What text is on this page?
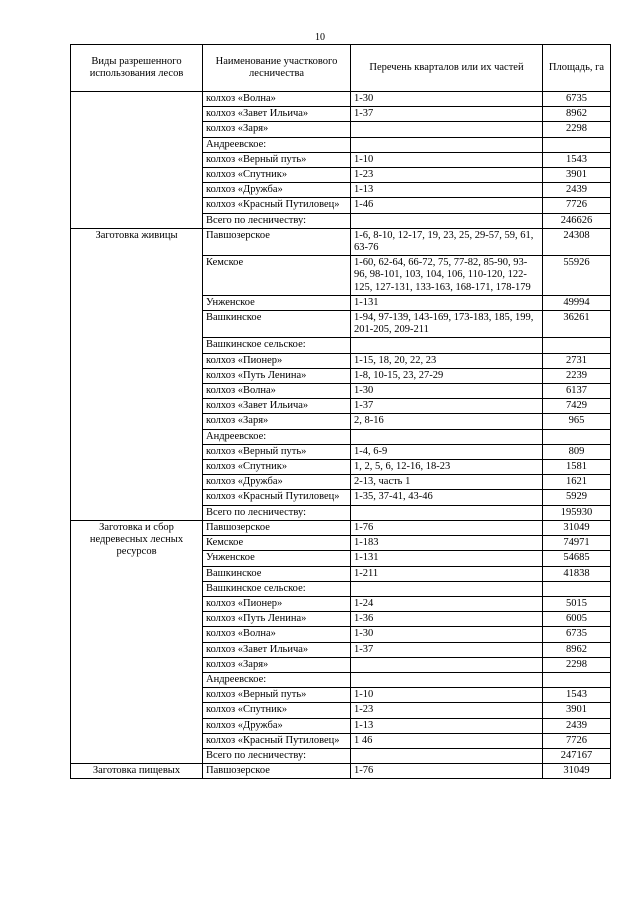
10
Виды разрешенного использования лесов	Наименование участкового лесничества	Перечень кварталов или их частей	Площадь, га
	колхоз «Волна»	1-30	6735
	колхоз «Завет Ильича»	1-37	8962
	колхоз «Заря»		2298
	Андреевское:		
	колхоз «Верный путь»	1-10	1543
	колхоз «Спутник»	1-23	3901
	колхоз «Дружба»	1-13	2439
	колхоз «Красный Путиловец»	1-46	7726
	Всего по лесничеству:		246626
Заготовка живицы	Павшозерское	1-6, 8-10, 12-17, 19, 23, 25, 29-57, 59, 61, 63-76	24308
	Кемское	1-60, 62-64, 66-72, 75, 77-82, 85-90, 93-96, 98-101, 103, 104, 106, 110-120, 122-125, 127-131, 133-163, 168-171, 178-179	55926
	Унженское	1-131	49994
	Вашкинское	1-94, 97-139, 143-169, 173-183, 185, 199, 201-205, 209-211	36261
	Вашкинское сельское:		
	колхоз «Пионер»	1-15, 18, 20, 22, 23	2731
	колхоз «Путь Ленина»	1-8, 10-15, 23, 27-29	2239
	колхоз «Волна»	1-30	6137
	колхоз «Завет Ильича»	1-37	7429
	колхоз «Заря»	2, 8-16	965
	Андреевское:		
	колхоз «Верный путь»	1-4, 6-9	809
	колхоз «Спутник»	1, 2, 5, 6, 12-16, 18-23	1581
	колхоз «Дружба»	2-13, часть 1	1621
	колхоз «Красный Путиловец»	1-35, 37-41, 43-46	5929
	Всего по лесничеству:		195930
Заготовка и сбор недревесных лесных ресурсов	Павшозерское	1-76	31049
	Кемское	1-183	74971
	Унженское	1-131	54685
	Вашкинское	1-211	41838
	Вашкинское сельское:		
	колхоз «Пионер»	1-24	5015
	колхоз «Путь Ленина»	1-36	6005
	колхоз «Волна»	1-30	6735
	колхоз «Завет Ильича»	1-37	8962
	колхоз «Заря»		2298
	Андреевское:		
	колхоз «Верный путь»	1-10	1543
	колхоз «Спутник»	1-23	3901
	колхоз «Дружба»	1-13	2439
	колхоз «Красный Путиловец»	1 46	7726
	Всего по лесничеству:		247167
Заготовка пищевых	Павшозерское	1-76	31049
